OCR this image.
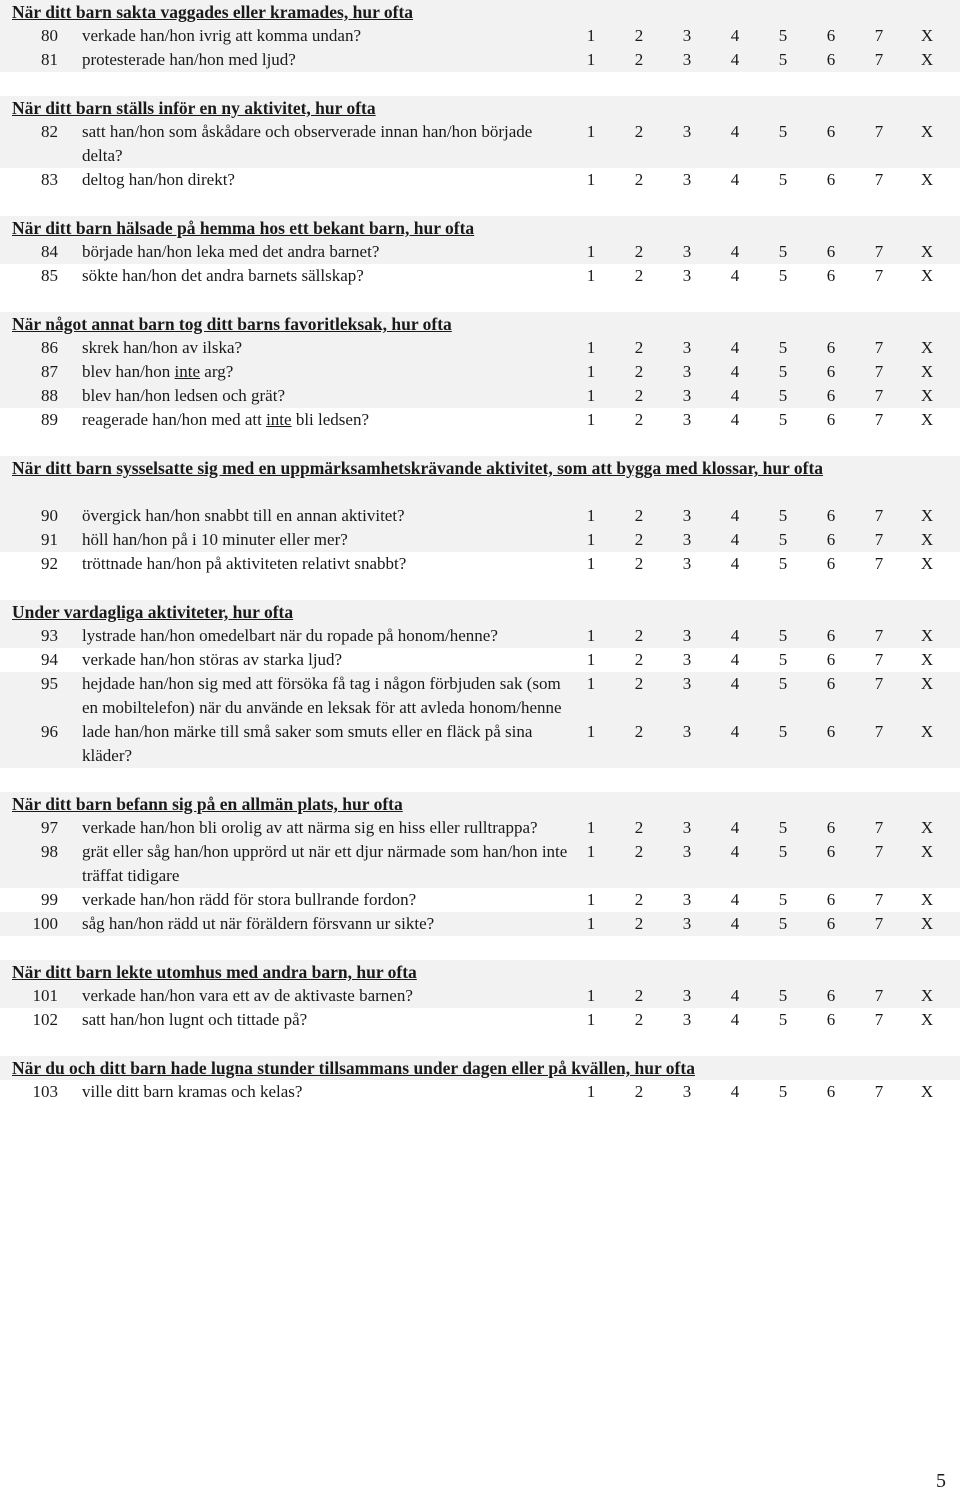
När ditt barn sakta vaggades eller kramades, hur ofta
80 verkade han/hon ivrig att komma undan?	1	2	3	4	5	6	7	X
81 protesterade han/hon med ljud?	1	2	3	4	5	6	7	X
När ditt barn ställs inför en ny aktivitet, hur ofta
82 satt han/hon som åskådare och observerade innan han/hon började delta?
1	2	3	4	5	6	7	X
83 deltog han/hon direkt?	1	2	3	4	5	6	7	X
När ditt barn hälsade på hemma hos ett bekant barn, hur ofta
84 började han/hon leka med det andra barnet?	1	2	3	4	5	6	7	X
85 sökte han/hon det andra barnets sällskap?	1	2	3	4	5	6	7	X
När något annat barn tog ditt barns favoritleksak, hur ofta
86 skrek han/hon av ilska?	1	2	3	4	5	6	7	X
87 blev han/hon inte arg?	1	2	3	4	5	6	7	X
88 blev han/hon ledsen och grät?	1	2	3	4	5	6	7	X
89 reagerade han/hon med att inte bli ledsen?	1	2	3	4	5	6	7	X
När ditt barn sysselsatte sig med en uppmärksamhetskrävande aktivitet, som att bygga med klossar, hur ofta
90 övergick han/hon snabbt till en annan aktivitet?	1	2	3	4	5	6	7	X
91 höll han/hon på i 10 minuter eller mer?	1	2	3	4	5	6	7	X
92 tröttnade han/hon på aktiviteten relativt snabbt?	1	2	3	4	5	6	7	X
Under vardagliga aktiviteter, hur ofta
93 lystrade han/hon omedelbart när du ropade på honom/henne?	1	2	3	4	5	6	7	X
94 verkade han/hon störas av starka ljud?	1	2	3	4	5	6	7	X
95 hejdade han/hon sig med att försöka få tag i någon förbjuden sak (som en mobiltelefon) när du använde en leksak för att avleda honom/henne
1	2	3	4	5	6	7	X
96 lade han/hon märke till små saker som smuts eller en fläck på sina kläder?
1	2	3	4	5	6	7	X
När ditt barn befann sig på en allmän plats, hur ofta
97 verkade han/hon bli orolig av att närma sig en hiss eller rulltrappa?	1	2	3	4	5	6	7	X
98 grät eller såg han/hon upprörd ut när ett djur närmade som han/hon inte träffat tidigare
1	2	3	4	5	6	7	X
99 verkade han/hon rädd för stora bullrande fordon?	1	2	3	4	5	6	7	X
100 såg han/hon rädd ut när föräldern försvann ur sikte?	1	2	3	4	5	6	7	X
När ditt barn lekte utomhus med andra barn, hur ofta
101 verkade han/hon vara ett av de aktivaste barnen?	1	2	3	4	5	6	7	X
102 satt han/hon lugnt och tittade på?	1	2	3	4	5	6	7	X
När du och ditt barn hade lugna stunder tillsammans under dagen eller på kvällen, hur ofta
103 ville ditt barn kramas och kelas?	1	2	3	4	5	6	7	X
5
